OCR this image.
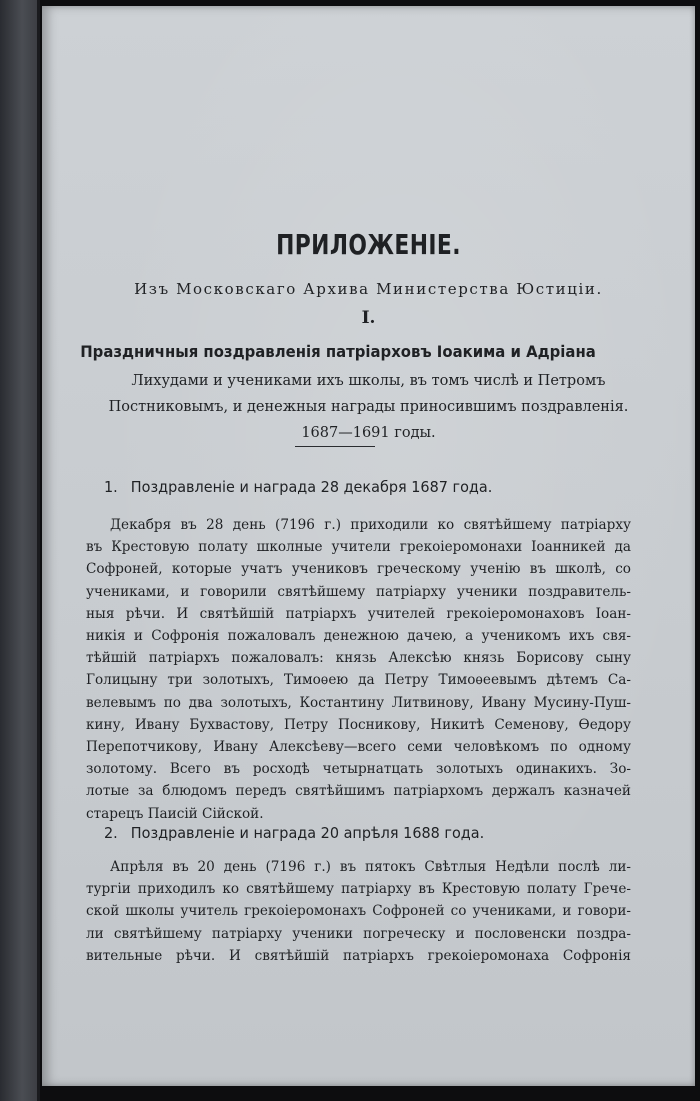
ПРИЛОЖЕНІЕ.
Изъ Московскаго Архива Министерства Юстиціи.
I.
Праздничныя поздравленія патріарховъ Іоакима и Адріана
Лихудами и учениками ихъ школы, въ томъ числѣ и Петромъ
Постниковымъ, и денежныя награды приносившимъ поздравленія.
1687—1691 годы.
1. Поздравленіе и награда 28 декабря 1687 года.
Декабря въ 28 день (7196 г.) приходили ко святѣйшему патріарху
въ Крестовую полату школные учители грекоіеромонахи Іоанникей да
Софроней, которые учатъ учениковъ греческому ученію въ школѣ, со
учениками, и говорили святѣйшему патріарху ученики поздравитель-
ныя рѣчи. И святѣйшій патріархъ учителей грекоіеромонаховъ Іоан-
никія и Софронія пожаловалъ денежною дачею, а ученикомъ ихъ свя-
тѣйшій патріархъ пожаловалъ: князь Алексѣю князь Борисову сыну
Голицыну три золотыхъ, Тимоѳею да Петру Тимоѳеевымъ дѣтемъ Са-
велевымъ по два золотыхъ, Костантину Литвинову, Ивану Мусину-Пуш-
кину, Ивану Бухвастову, Петру Посникову, Никитѣ Семенову, Ѳедору
Перепотчикову, Ивану Алексѣеву—всего семи человѣкомъ по одному
золотому. Всего въ росходѣ четырнатцать золотыхъ одинакихъ. Зо-
лотые за блюдомъ передъ святѣйшимъ патріархомъ держалъ казначей
старецъ Паисій Сійской.
2. Поздравленіе и награда 20 апрѣля 1688 года.
Апрѣля въ 20 день (7196 г.) въ пятокъ Свѣтлыя Недѣли послѣ ли-
тургіи приходилъ ко святѣйшему патріарху въ Крестовую полату Грече-
ской школы учитель грекоіеромонахъ Софроней со учениками, и говори-
ли святѣйшему патріарху ученики погреческу и пословенски поздра-
вительные рѣчи. И святѣйшій патріархъ грекоіеромонаха Софронія
